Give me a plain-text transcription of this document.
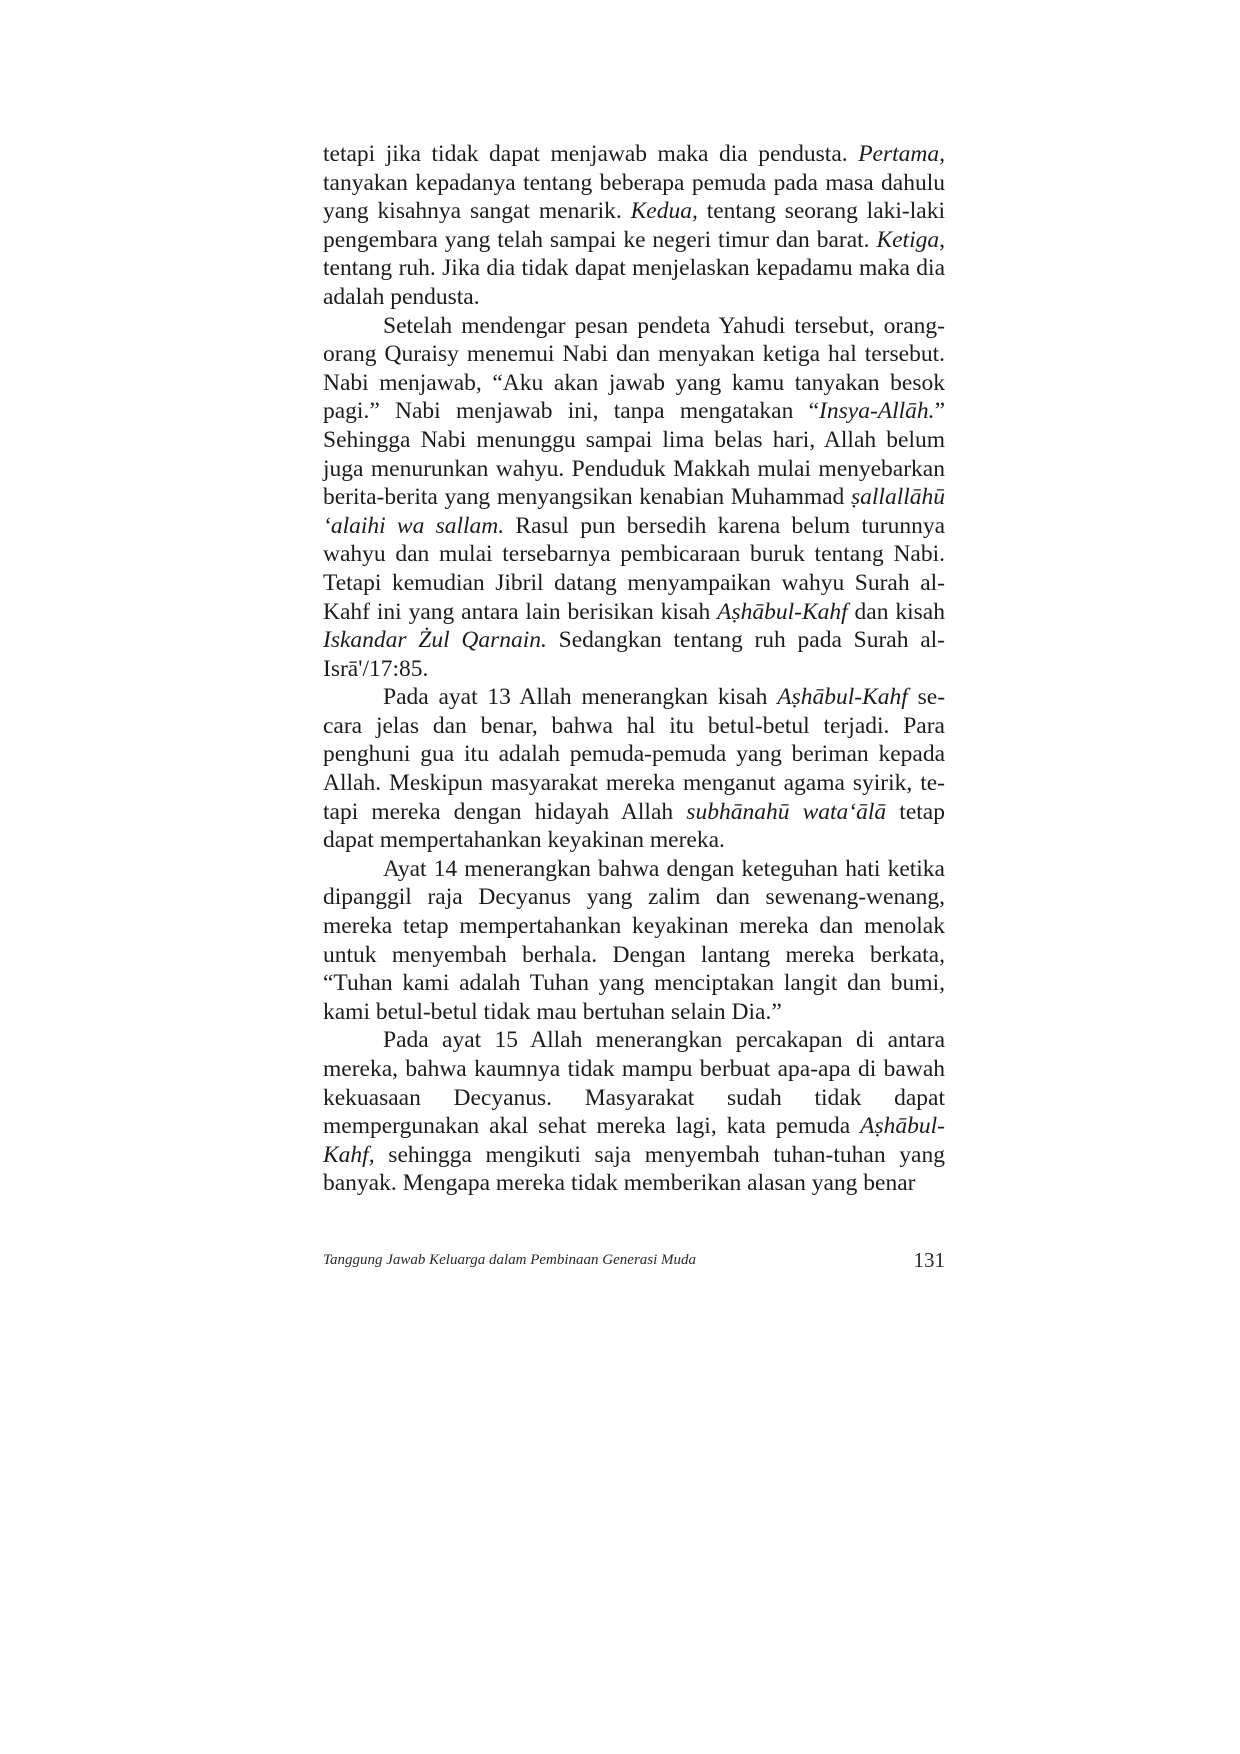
tetapi jika tidak dapat menjawab maka dia pendusta. Pertama, tanyakan kepadanya tentang beberapa pemuda pada masa dahulu yang kisahnya sangat menarik. Kedua, tentang seorang laki-laki pengembara yang telah sampai ke negeri timur dan barat. Ketiga, tentang ruh. Jika dia tidak dapat menjelaskan kepadamu maka dia adalah pendusta.

Setelah mendengar pesan pendeta Yahudi tersebut, orang-orang Quraisy menemui Nabi dan menyakan ketiga hal tersebut. Nabi menjawab, “Aku akan jawab yang kamu tanyakan besok pagi.” Nabi menjawab ini, tanpa mengatakan “Insya-Allāh.” Sehingga Nabi menunggu sampai lima belas hari, Allah belum juga menurunkan wahyu. Penduduk Makkah mulai menyebarkan berita-berita yang menyangsikan kenabian Muhammad ṣallallāhū ‘alaihi wa sallam. Rasul pun bersedih karena belum turunnya wahyu dan mulai tersebarnya pembicaraan buruk tentang Nabi. Tetapi kemudian Jibril datang menyampaikan wahyu Surah al-Kahf ini yang antara lain berisikan kisah Aṣhābul-Kahf dan kisah Iskandar Żul Qarnain. Sedangkan tentang ruh pada Surah al-Isrā'/17:85.

Pada ayat 13 Allah menerangkan kisah Aṣhābul-Kahf secara jelas dan benar, bahwa hal itu betul-betul terjadi. Para penghuni gua itu adalah pemuda-pemuda yang beriman kepada Allah. Meskipun masyarakat mereka menganut agama syirik, tetapi mereka dengan hidayah Allah subhānahū wata‘ālā tetap dapat mempertahankan keyakinan mereka.

Ayat 14 menerangkan bahwa dengan keteguhan hati ketika dipanggil raja Decyanus yang zalim dan sewenang-wenang, mereka tetap mempertahankan keyakinan mereka dan menolak untuk menyembah berhala. Dengan lantang mereka berkata, “Tuhan kami adalah Tuhan yang menciptakan langit dan bumi, kami betul-betul tidak mau bertuhan selain Dia.”

Pada ayat 15 Allah menerangkan percakapan di antara mereka, bahwa kaumnya tidak mampu berbuat apa-apa di bawah kekuasaan Decyanus. Masyarakat sudah tidak dapat mempergunakan akal sehat mereka lagi, kata pemuda Aṣhābul-Kahf, sehingga mengikuti saja menyembah tuhan-tuhan yang banyak. Mengapa mereka tidak memberikan alasan yang benar

Tanggung Jawab Keluarga dalam Pembinaan Generasi Muda	131
